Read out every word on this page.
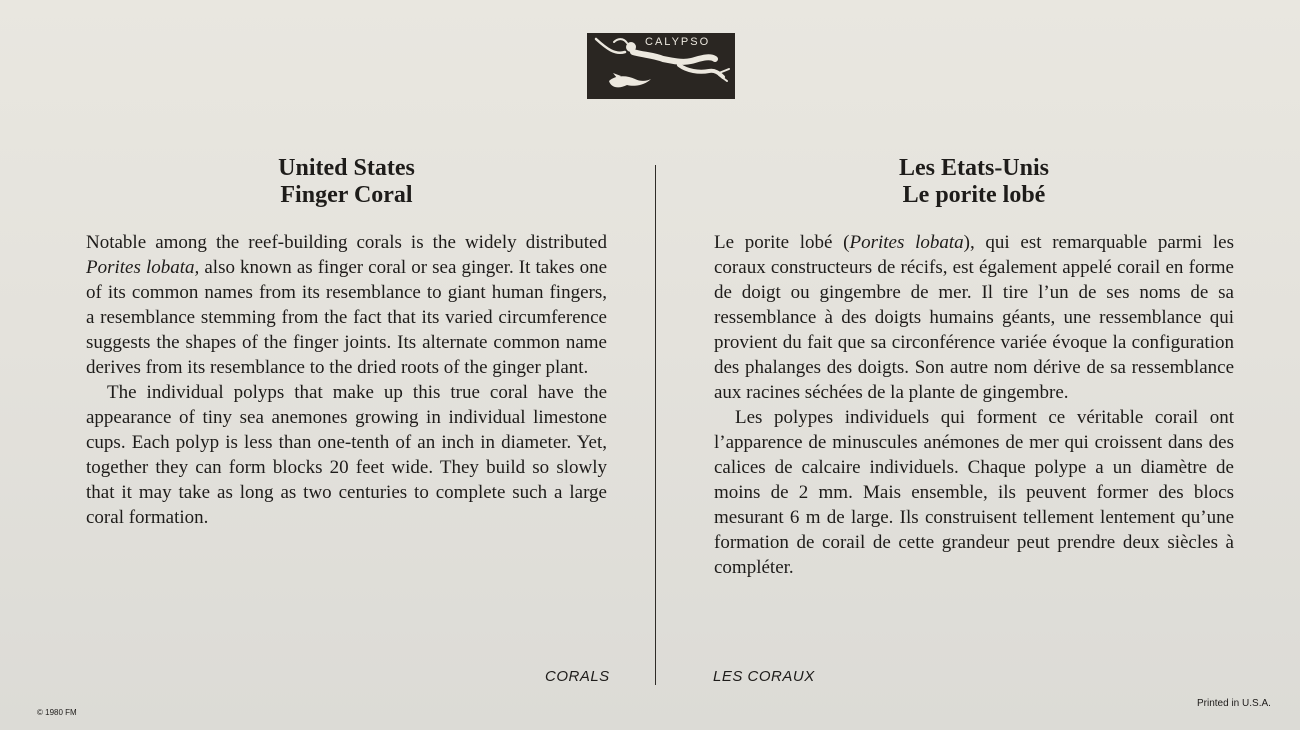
CALYPSO
United States
Finger Coral

Notable among the reef-building corals is the widely distributed Porites lobata, also known as finger coral or sea ginger. It takes one of its common names from its resemblance to giant human fingers, a resemblance stemming from the fact that its varied circumference suggests the shapes of the finger joints. Its alternate common name derives from its resemblance to the dried roots of the ginger plant.

The individual polyps that make up this true coral have the appearance of tiny sea anemones growing in individual limestone cups. Each polyp is less than one-tenth of an inch in diameter. Yet, together they can form blocks 20 feet wide. They build so slowly that it may take as long as two centuries to complete such a large coral formation.

Les Etats-Unis
Le porite lobé

Le porite lobé (Porites lobata), qui est remarquable parmi les coraux constructeurs de récifs, est également appelé corail en forme de doigt ou gingembre de mer. Il tire l’un de ses noms de sa ressemblance à des doigts humains géants, une ressemblance qui provient du fait que sa circonférence variée évoque la configuration des phalanges des doigts. Son autre nom dérive de sa ressemblance aux racines séchées de la plante de gingembre.

Les polypes individuels qui forment ce véritable corail ont l’apparence de minuscules anémones de mer qui croissent dans des calices de calcaire individuels. Chaque polype a un diamètre de moins de 2 mm. Mais ensemble, ils peuvent former des blocs mesurant 6 m de large. Ils construisent tellement lentement qu’une formation de corail de cette grandeur peut prendre deux siècles à compléter.

CORALS	LES CORAUX
© 1980 FM
Printed in U.S.A.
